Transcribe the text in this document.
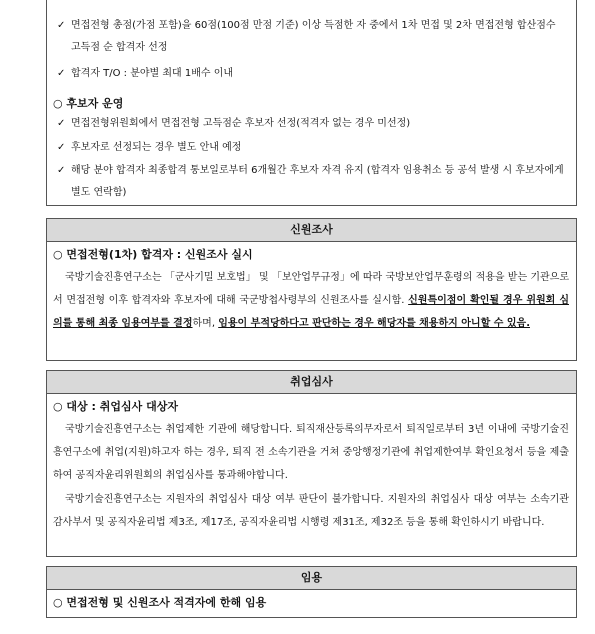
✓ 면접전형 총점(가점 포함)을 60점(100점 만점 기준) 이상 득점한 자 중에서 1차 면접 및 2차 면접전형 합산점수 고득점 순 합격자 선정
✓ 합격자 T/O : 분야별 최대 1배수 이내
○ 후보자 운영
✓ 면접전형위원회에서 면접전형 고득점순 후보자 선정(적격자 없는 경우 미선정)
✓ 후보자로 선정되는 경우 별도 안내 예정
✓ 해당 분야 합격자 최종합격 통보일로부터 6개월간 후보자 자격 유지 (합격자 임용취소 등 공석 발생 시 후보자에게 별도 연락함)
신원조사
○ 면접전형(1차) 합격자 : 신원조사 실시
국방기술진흥연구소는 「군사기밀 보호법」 및 「보안업무규정」에 따라 국방보안업무훈령의 적용을 받는 기관으로서 면접전형 이후 합격자와 후보자에 대해 국군방첩사령부의 신원조사를 실시함. 신원특이점이 확인될 경우 위원회 심의를 통해 최종 임용여부를 결정하며, 임용이 부적당하다고 판단하는 경우 해당자를 채용하지 아니할 수 있음.
취업심사
○ 대상 : 취업심사 대상자
국방기술진흥연구소는 취업제한 기관에 해당합니다. 퇴직재산등록의무자로서 퇴직일로부터 3년 이내에 국방기술진흥연구소에 취업(지원)하고자 하는 경우, 퇴직 전 소속기관을 거쳐 중앙행정기관에 취업제한여부 확인요청서 등을 제출하여 공직자윤리위원회의 취업심사를 통과해야합니다.
국방기술진흥연구소는 지원자의 취업심사 대상 여부 판단이 불가합니다. 지원자의 취업심사 대상 여부는 소속기관 감사부서 및 공직자윤리법 제3조, 제17조, 공직자윤리법 시행령 제31조, 제32조 등을 통해 확인하시기 바랍니다.
임용
○ 면접전형 및 신원조사 적격자에 한해 임용
